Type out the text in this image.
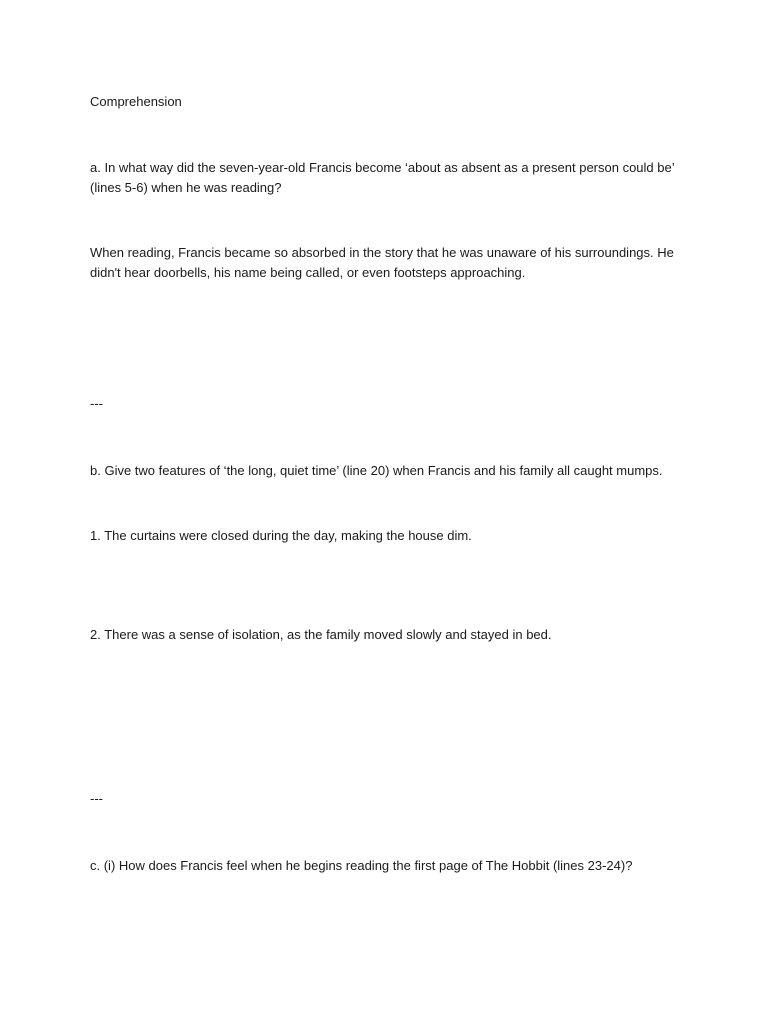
Comprehension

a. In what way did the seven-year-old Francis become ‘about as absent as a present person could be’ (lines 5-6) when he was reading?

When reading, Francis became so absorbed in the story that he was unaware of his surroundings. He didn't hear doorbells, his name being called, or even footsteps approaching.

---

b. Give two features of ‘the long, quiet time’ (line 20) when Francis and his family all caught mumps.

1. The curtains were closed during the day, making the house dim.

2. There was a sense of isolation, as the family moved slowly and stayed in bed.

---

c. (i) How does Francis feel when he begins reading the first page of The Hobbit (lines 23-24)?
